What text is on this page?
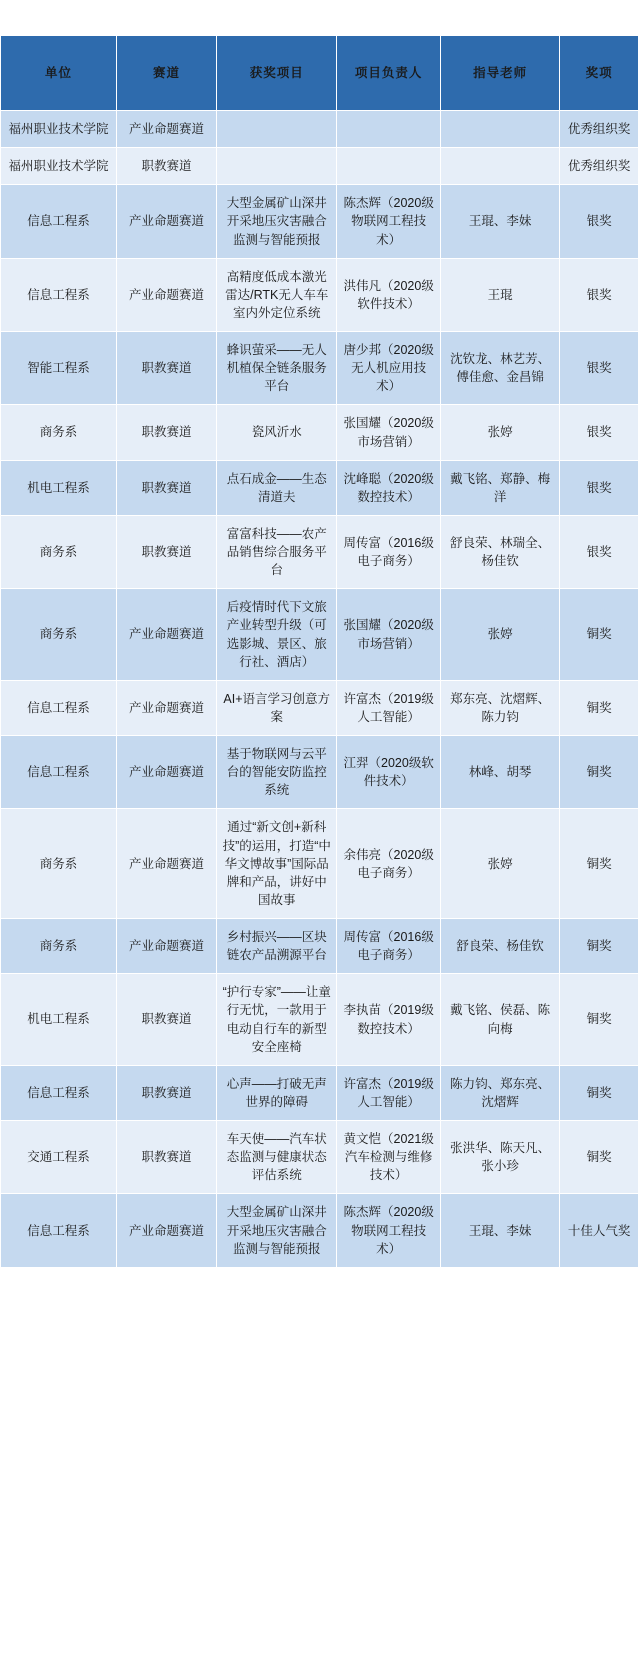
单位	赛道	获奖项目	项目负责人	指导老师	奖项
福州职业技术学院	产业命题赛道				优秀组织奖
福州职业技术学院	职教赛道				优秀组织奖
信息工程系	产业命题赛道	大型金属矿山深井开采地压灾害融合监测与智能预报	陈杰辉（2020级物联网工程技术）	王琨、李妹	银奖
信息工程系	产业命题赛道	高精度低成本激光雷达/RTK无人车车室内外定位系统	洪伟凡（2020级软件技术）	王琨	银奖
智能工程系	职教赛道	蜂识萤采——无人机植保全链条服务平台	唐少邦（2020级无人机应用技术）	沈钦龙、林艺芳、傅佳愈、金昌锦	银奖
商务系	职教赛道	瓷风沂水	张国耀（2020级市场营销）	张婷	银奖
机电工程系	职教赛道	点石成金——生态清道夫	沈峰聪（2020级数控技术）	戴飞铭、郑静、梅洋	银奖
商务系	职教赛道	富富科技——农产品销售综合服务平台	周传富（2016级电子商务）	舒良荣、林瑞全、杨佳钦	银奖
商务系	产业命题赛道	后疫情时代下文旅产业转型升级（可选影城、景区、旅行社、酒店）	张国耀（2020级市场营销）	张婷	铜奖
信息工程系	产业命题赛道	AI+语言学习创意方案	许富杰（2019级人工智能）	郑东亮、沈熠辉、陈力钧	铜奖
信息工程系	产业命题赛道	基于物联网与云平台的智能安防监控系统	江羿（2020级软件技术）	林峰、胡琴	铜奖
商务系	产业命题赛道	通过“新文创+新科技”的运用，打造“中华文博故事”国际品牌和产品，讲好中国故事	余伟亮（2020级电子商务）	张婷	铜奖
商务系	产业命题赛道	乡村振兴——区块链农产品溯源平台	周传富（2016级电子商务）	舒良荣、杨佳钦	铜奖
机电工程系	职教赛道	“护行专家”——让童行无忧，一款用于电动自行车的新型安全座椅	李执苗（2019级数控技术）	戴飞铭、侯磊、陈向梅	铜奖
信息工程系	职教赛道	心声——打破无声世界的障碍	许富杰（2019级人工智能）	陈力钧、郑东亮、沈熠辉	铜奖
交通工程系	职教赛道	车天使——汽车状态监测与健康状态评估系统	黄文恺（2021级汽车检测与维修技术）	张洪华、陈天凡、张小珍	铜奖
信息工程系	产业命题赛道	大型金属矿山深井开采地压灾害融合监测与智能预报	陈杰辉（2020级物联网工程技术）	王琨、李妹	十佳人气奖
